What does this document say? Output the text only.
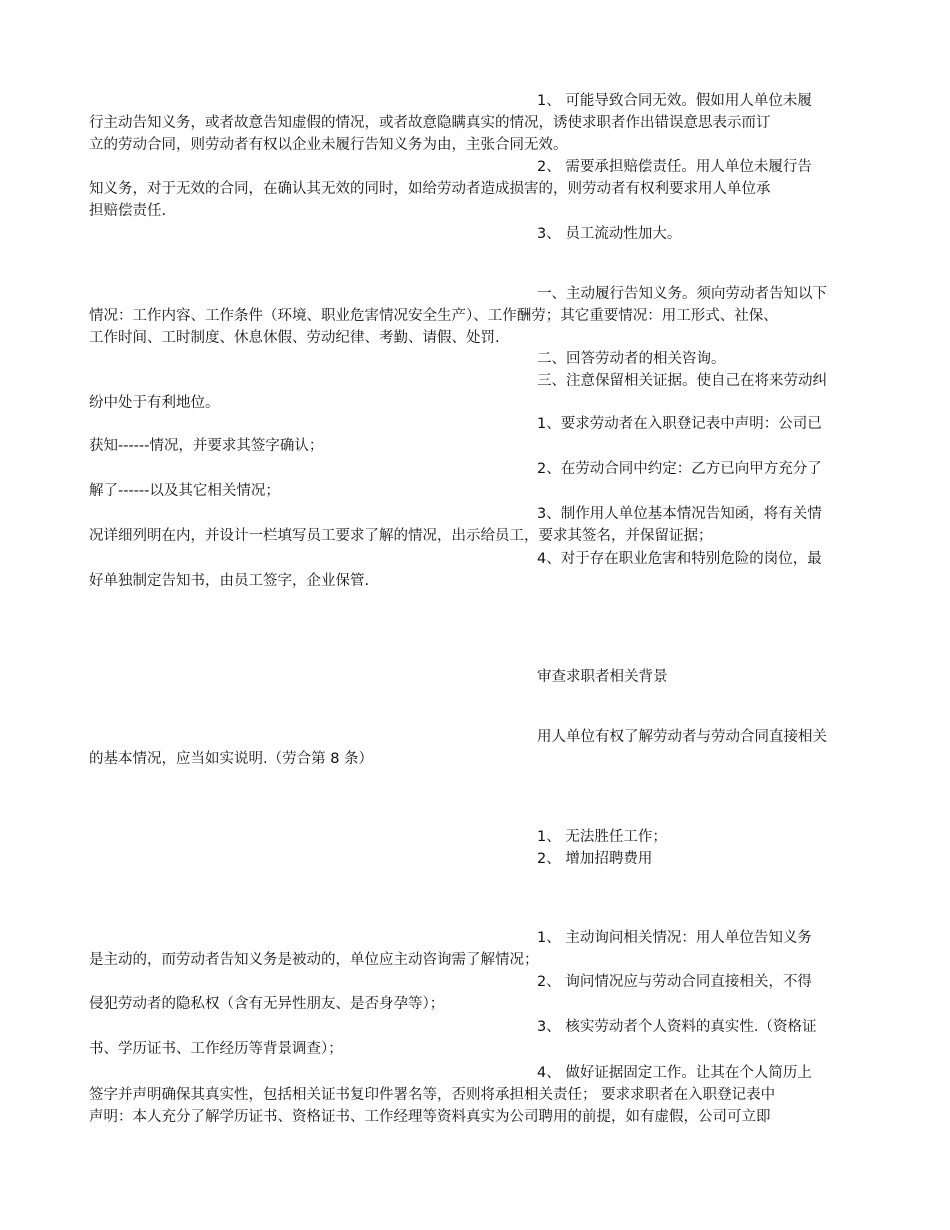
1、 可能导致合同无效。假如用人单位未履
行主动告知义务，或者故意告知虚假的情况，或者故意隐瞒真实的情况，诱使求职者作出错误意思表示而订
立的劳动合同，则劳动者有权以企业未履行告知义务为由，主张合同无效。

2、 需要承担赔偿责任。用人单位未履行告
知义务，对于无效的合同，在确认其无效的同时，如给劳动者造成损害的，则劳动者有权利要求用人单位承
担赔偿责任.

3、 员工流动性加大。

一、主动履行告知义务。须向劳动者告知以下
情况：工作内容、工作条件（环境、职业危害情况安全生产）、工作酬劳；其它重要情况：用工形式、社保、
工作时间、工时制度、休息休假、劳动纪律、考勤、请假、处罚.

二、回答劳动者的相关咨询。

三、注意保留相关证据。使自己在将来劳动纠
纷中处于有利地位。

1、要求劳动者在入职登记表中声明：公司已
获知------情况，并要求其签字确认；

2、在劳动合同中约定：乙方已向甲方充分了
解了------以及其它相关情况；

3、制作用人单位基本情况告知函，将有关情
况详细列明在内，并设计一栏填写员工要求了解的情况，出示给员工，要求其签名，并保留证据；

4、对于存在职业危害和特别危险的岗位，最
好单独制定告知书，由员工签字，企业保管.

审查求职者相关背景

用人单位有权了解劳动者与劳动合同直接相关
的基本情况，应当如实说明.（劳合第 8 条）

1、 无法胜任工作；

2、 增加招聘费用

1、 主动询问相关情况：用人单位告知义务
是主动的，而劳动者告知义务是被动的，单位应主动咨询需了解情况；

2、 询问情况应与劳动合同直接相关，不得
侵犯劳动者的隐私权（含有无异性朋友、是否身孕等）；

3、 核实劳动者个人资料的真实性.（资格证
书、学历证书、工作经历等背景调查）；

4、 做好证据固定工作。让其在个人简历上
签字并声明确保其真实性，包括相关证书复印件署名等，否则将承担相关责任； 要求求职者在入职登记表中
声明：本人充分了解学历证书、资格证书、工作经理等资料真实为公司聘用的前提，如有虚假，公司可立即
